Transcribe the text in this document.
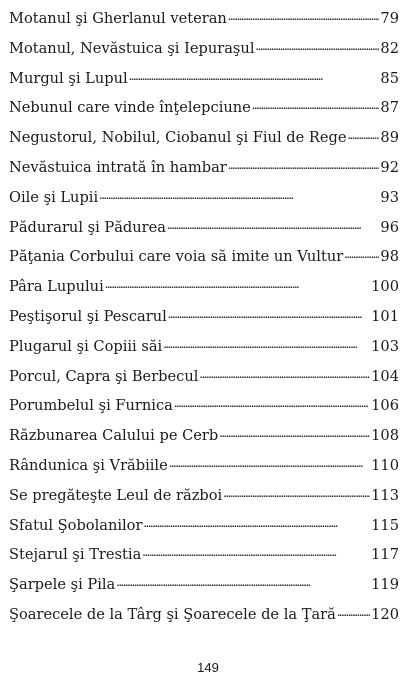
Motanul şi Gherlanul veteran . . .	79
Motanul, Nevăstuica şi Iepuraşul . . .	82
Murgul şi Lupul . . .	85
Nebunul care vinde înţelepciune . . .	87
Negustorul, Nobilul, Ciobanul şi Fiul de Rege . . . 89
Nevăstuica intrată în hambar . . .	92
Oile şi Lupii . . .	93
Pădurarul şi Pădurea . . .	96
Păţania Corbului care voia să imite un Vultur . . .	98
Pâra Lupului . . .	100
Peştişorul şi Pescarul . . .	101
Plugarul şi Copiii săi . . .	103
Porcul, Capra şi Berbecul . . .	104
Porumbelul şi Furnica . . .	106
Răzbunarea Calului pe Cerb . . .	108
Rândunica şi Vrăbiile . . .	110
Se pregăteşte Leul de război . . .	113
Sfatul Şobolanilor . . .	115
Stejarul şi Trestia . . .	117
Şarpele şi Pila . . .	119
Şoarecele de la Târg şi Şoarecele de la Ţară . . . 120
149
